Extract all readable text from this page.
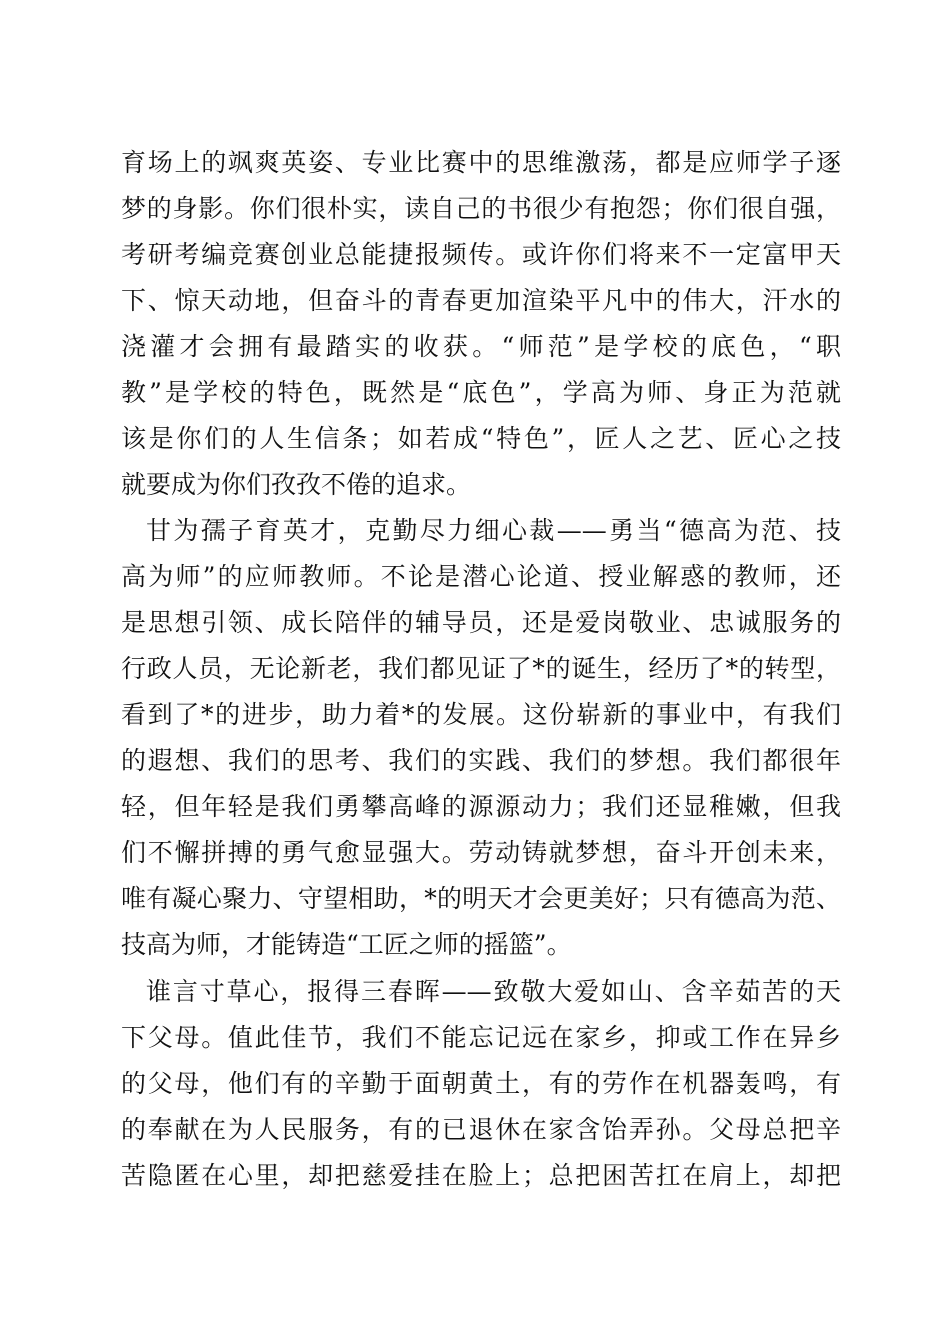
育场上的飒爽英姿、专业比赛中的思维激荡，都是应师学子逐
梦的身影。你们很朴实，读自己的书很少有抱怨；你们很自强，
考研考编竞赛创业总能捷报频传。或许你们将来不一定富甲天
下、惊天动地，但奋斗的青春更加渲染平凡中的伟大，汗水的
浇灌才会拥有最踏实的收获。“师范”是学校的底色，“职
教”是学校的特色，既然是“底色”，学高为师、身正为范就
该是你们的人生信条；如若成“特色”，匠人之艺、匠心之技
就要成为你们孜孜不倦的追求。
甘为孺子育英才，克勤尽力细心裁——勇当“德高为范、技
高为师”的应师教师。不论是潜心论道、授业解惑的教师，还
是思想引领、成长陪伴的辅导员，还是爱岗敬业、忠诚服务的
行政人员，无论新老，我们都见证了*的诞生，经历了*的转型，
看到了*的进步，助力着*的发展。这份崭新的事业中，有我们
的遐想、我们的思考、我们的实践、我们的梦想。我们都很年
轻，但年轻是我们勇攀高峰的源源动力；我们还显稚嫩，但我
们不懈拼搏的勇气愈显强大。劳动铸就梦想，奋斗开创未来，
唯有凝心聚力、守望相助，*的明天才会更美好；只有德高为范、
技高为师，才能铸造“工匠之师的摇篮”。
谁言寸草心，报得三春晖——致敬大爱如山、含辛茹苦的天
下父母。值此佳节，我们不能忘记远在家乡，抑或工作在异乡
的父母，他们有的辛勤于面朝黄土，有的劳作在机器轰鸣，有
的奉献在为人民服务，有的已退休在家含饴弄孙。父母总把辛
苦隐匿在心里，却把慈爱挂在脸上；总把困苦扛在肩上，却把
